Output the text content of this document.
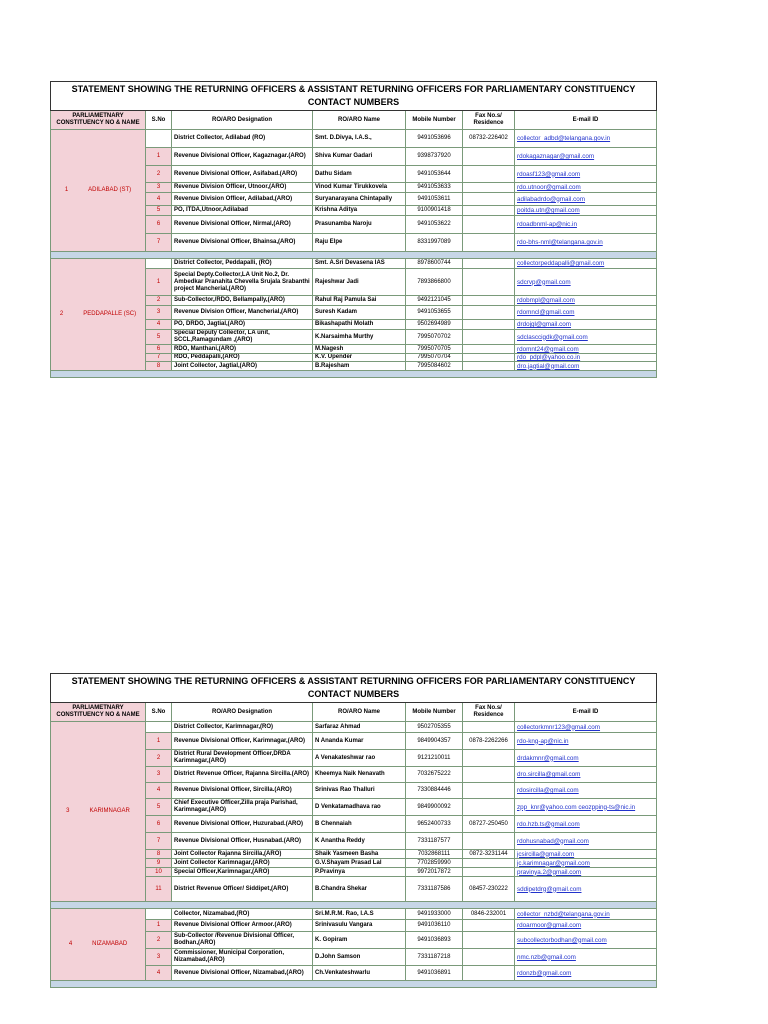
STATEMENT SHOWING THE RETURNING OFFICERS & ASSISTANT RETURNING OFFICERS FOR PARLIAMENTARY CONSTITUENCY CONTACT NUMBERS						
PARLIAMETNARY CONSTITUENCY NO & NAME	S.No	RO/ARO Designation	RO/ARO Name	Mobile Number	Fax No.s/ Residence	E-mail ID
1 ADILABAD (ST)		District Collector, Adilabad (RO)	Smt. D.Divya, I.A.S.,	9491053696	08732-226402	collector_adbd@telangana.gov.in
	1	Revenue Divisional Officer, Kagaznagar.(ARO)	Shiva Kumar Gadari	9398737920		rdokagaznagar@gmail.com
	2	Revenue Divisional Officer, Asifabad.(ARO)	Dathu Sidam	9491053644		rdoasf123@gmail.com
	3	Revenue Division Officer, Utnoor,(ARO)	Vinod Kumar Tirukkovela	9491053633		rdo.utnoor@gmail.com
	4	Revenue Division Officer, Adilabad,(ARO)	Suryanarayana Chintapally	9491053611		adilabadrdo@gmail.com
	5	PO, ITDA,Utnoor,Adilabad	Krishna Aditya	9100901418		poitda.utn@gmail.com
	6	Revenue Divisional Officer, Nirmal,(ARO)	Prasunamba Naroju	9491053622		rdoadbnml-ap@nic.in
	7	Revenue Divisional Officer, Bhainsa,(ARO)	Raju Elpe	8331997089		rdo-bhs-nml@telangana.gov.in

2 PEDDAPALLE (SC)		District Collector, Peddapalli, (RO)	Smt. A.Sri Devasena IAS	8978600744		collectorpeddapalli@gmail.com
	1	Special Depty.Collector,LA Unit No.2, Dr. Ambedkar Pranahita Chevella Srujala Srabanthi project Mancherial,(ARO)	Rajeshwar Jadi	7893866800		sdcrvp@gmail.com
	2	Sub-Collector,/RDO, Bellampally,(ARO)	Rahul Raj Pamula Sai	9492121045		rdobmpl@gmail.com
	3	Revenue Division Officer, Mancherial,(ARO)	Suresh Kadam	9491053655		rdomncl@gmail.com
	4	PO, DRDO, Jagtial,(ARO)	Bikashapathi Molath	9502694989		drdojgl@gmail.com
	5	Special Deputy Collector, LA unit, SCCL,Ramagundam ,(ARO)	K.Narsaimha Murthy	7995070702		sdclasccigdk@gmail.com
	6	RDO, Manthani,(ARO)	M.Nagesh	7995070705		rdomnt24@gmail.com
	7	RDO, Peddapalli,(ARO)	K.V. Upender	7995070704		rdo_pdpl@yahoo.co.in
	8	Joint Collector, Jagtial,(ARO)	B.Rajesham	7995084602		dro.jagtial@gmail.com

STATEMENT SHOWING THE RETURNING OFFICERS & ASSISTANT RETURNING OFFICERS FOR PARLIAMENTARY CONSTITUENCY CONTACT NUMBERS						
PARLIAMETNARY CONSTITUENCY NO & NAME	S.No	RO/ARO Designation	RO/ARO Name	Mobile Number	Fax No.s/ Residence	E-mail ID
3 KARIMNAGAR		District Collector, Karimnagar,(RO)	Sarfaraz Ahmad	9502705355		collectorkmnr123@gmail.com
	1	Revenue Divisional Officer, Karimnagar,(ARO)	N Ananda Kumar	9849904357	0878-2262266	rdo-kng-ap@nic.in
	2	District Rural Development Officer,DRDA Karimnagar,(ARO)	A Venakateshwar rao	9121210011		drdakmnr@gmail.com
	3	District Revenue Officer, Rajanna Sircilla.(ARO)	Kheemya Naik Nenavath	7032675222		dro.sircilla@gmail.com
	4	Revenue Divisional Officer, Sircilla.(ARO)	Srinivas Rao Thalluri	7330884446		rdosircilla@gmail.com
	5	Chief Executive Officer,Zilla praja Parishad, Karimnagar,(ARO)	D Venkatamadhava rao	9849900092		zpp_knr@yahoo.com ceozpping-ts@nic.in
	6	Revenue Divisional Officer, Huzurabad.(ARO)	B Chennaiah	9652400733	08727-250450	rdo.hzb.ts@gmail.com
	7	Revenue Divisional Officer, Husnabad.(ARO)	K Anantha Reddy	7331187577		rdohusnabad@gmail.com
	8	Joint Collector Rajanna Sircilla,(ARO)	Shaik Yasmeen Basha	7032868111	0872-3231144	jcsircilla@gmail.com
	9	Joint Collector Karimnagar,(ARO)	G.V.Shayam Prasad Lal	7702859990		jc.karimnagar@gmail.com
	10	Special Officer,Karimnagar,(ARO)	P.Pravinya	9972017872		pravinya.2@gmail.com
	11	District Revenue Officer/ Siddipet,(ARO)	B.Chandra Shekar	7331187586	08457-230222	sddipetdrg@gmail.com

4 NIZAMABAD		Collector, Nizamabad,(RO)	Sri.M.R.M. Rao, I.A.S	9491933000	0846-232001	collector_nzbd@telangana.gov.in
	1	Revenue Divisional Officer Armoor.(ARO)	Srinivasulu Vangara	9491036110		rdoarmoor@gmail.com
	2	Sub-Collector /Revenue Divisional Officer, Bodhan,(ARO)	K. Gopiram	9491036893		subcollectorbodhan@gmail.com
	3	Commissioner, Municipal Corporation, Nizamabad,(ARO)	D.John Samson	7331187218		nmc.nzb@gmail.com
	4	Revenue Divisional Officer, Nizamabad,(ARO)	Ch.Venkateshwarlu	9491036891		rdonzb@gmail.com
